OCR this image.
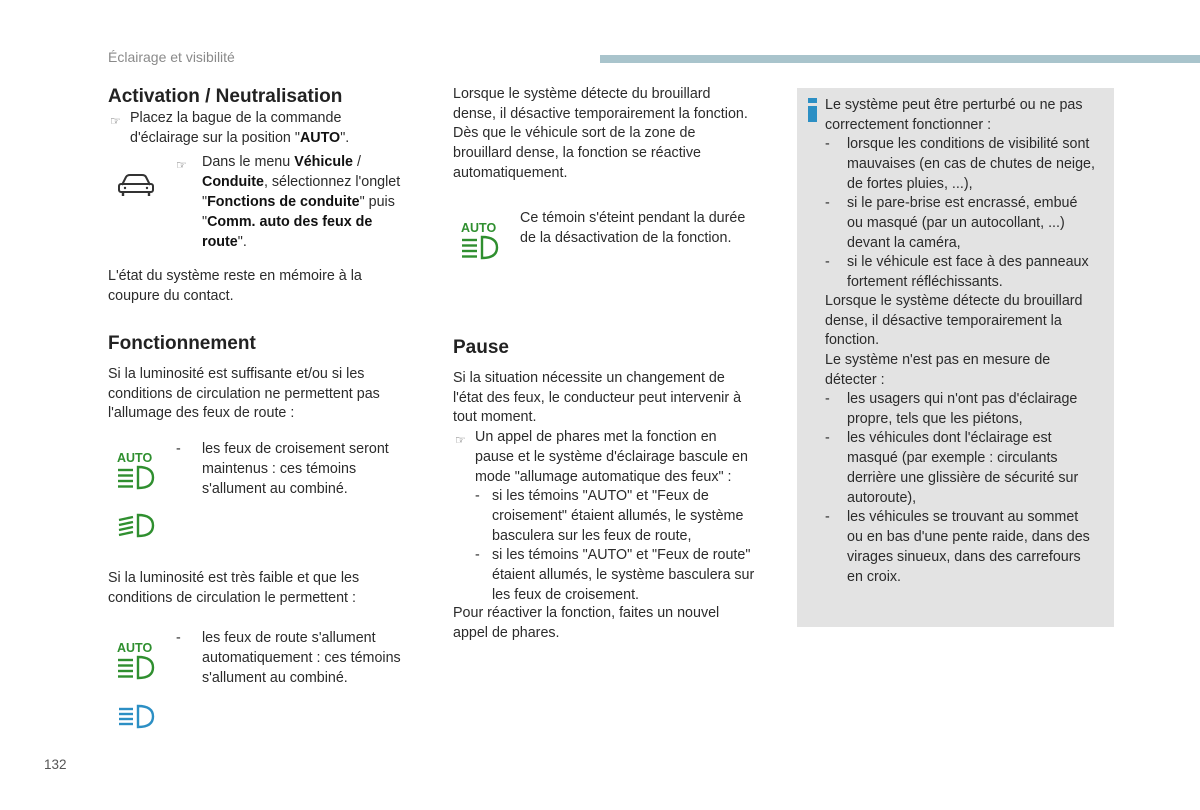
Éclairage et visibilité
Activation / Neutralisation
☞ Placez la bague de la commande
d'éclairage sur la position "AUTO".
☞ Dans le menu Véhicule /
Conduite, sélectionnez l'onglet
"Fonctions de conduite" puis
"Comm. auto des feux de
route".
L'état du système reste en mémoire à la
coupure du contact.
Fonctionnement
Si la luminosité est suffisante et/ou si les
conditions de circulation ne permettent pas
l'allumage des feux de route :
AUTO
- les feux de croisement seront
maintenus : ces témoins
s'allument au combiné.
Si la luminosité est très faible et que les
conditions de circulation le permettent :
AUTO
- les feux de route s'allument
automatiquement : ces témoins
s'allument au combiné.
Lorsque le système détecte du brouillard
dense, il désactive temporairement la fonction.
Dès que le véhicule sort de la zone de
brouillard dense, la fonction se réactive
automatiquement.
AUTO
Ce témoin s'éteint pendant la durée
de la désactivation de la fonction.
Pause
Si la situation nécessite un changement de
l'état des feux, le conducteur peut intervenir à
tout moment.
☞ Un appel de phares met la fonction en
pause et le système d'éclairage bascule en
mode "allumage automatique des feux" :
- si les témoins "AUTO" et "Feux de
croisement" étaient allumés, le système
basculera sur les feux de route,
- si les témoins "AUTO" et "Feux de route"
étaient allumés, le système basculera sur
les feux de croisement.
Pour réactiver la fonction, faites un nouvel
appel de phares.
Le système peut être perturbé ou ne pas
correctement fonctionner :
- lorsque les conditions de visibilité sont
mauvaises (en cas de chutes de neige,
de fortes pluies, ...),
- si le pare-brise est encrassé, embué
ou masqué (par un autocollant, ...)
devant la caméra,
- si le véhicule est face à des panneaux
fortement réfléchissants.
Lorsque le système détecte du brouillard
dense, il désactive temporairement la
fonction.
Le système n'est pas en mesure de
détecter :
- les usagers qui n'ont pas d'éclairage
propre, tels que les piétons,
- les véhicules dont l'éclairage est
masqué (par exemple : circulants
derrière une glissière de sécurité sur
autoroute),
- les véhicules se trouvant au sommet
ou en bas d'une pente raide, dans des
virages sinueux, dans des carrefours
en croix.
132
